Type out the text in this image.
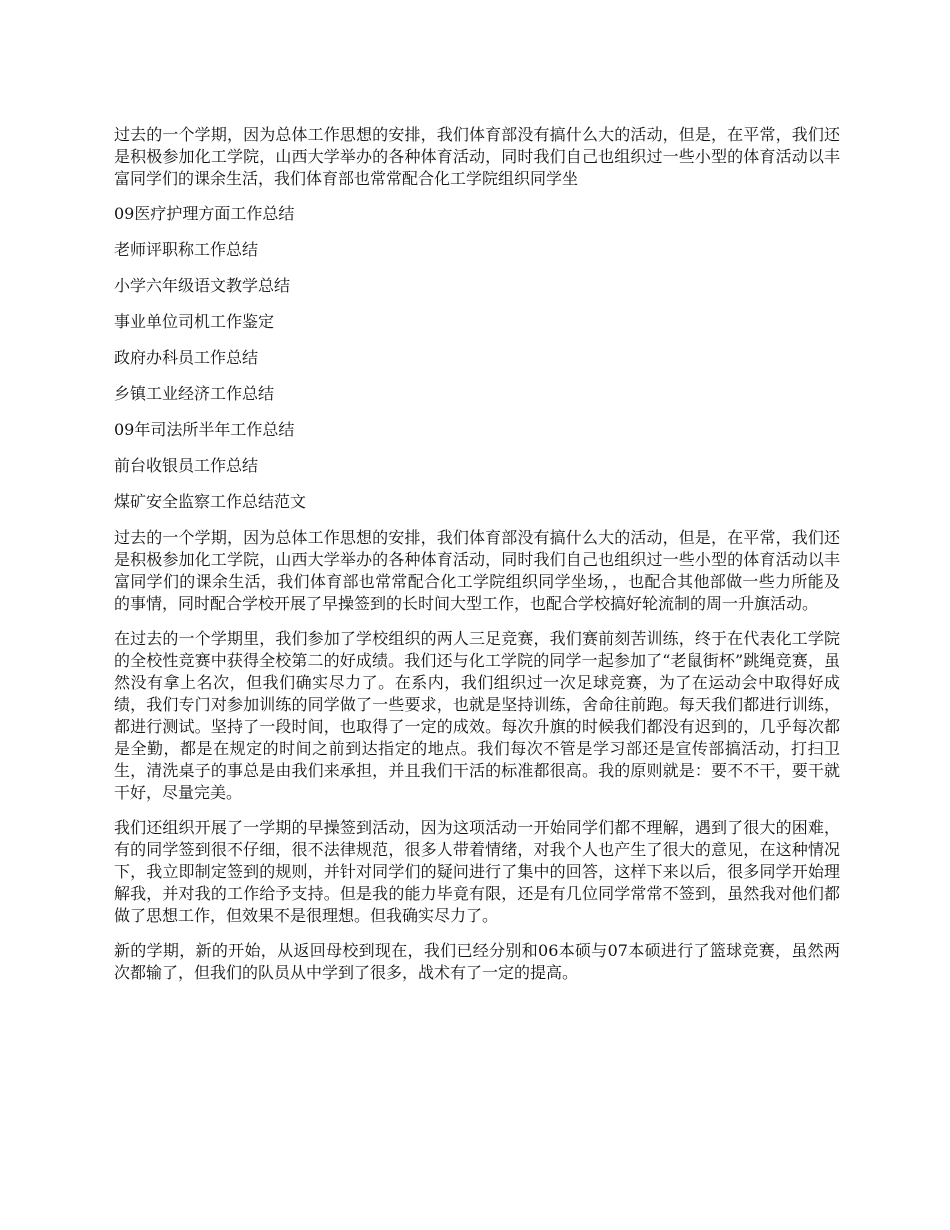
过去的一个学期，因为总体工作思想的安排，我们体育部没有搞什么大的活动，但是，在平常，我们还是积极参加化工学院，山西大学举办的各种体育活动，同时我们自己也组织过一些小型的体育活动以丰富同学们的课余生活，我们体育部也常常配合化工学院组织同学坐

09医疗护理方面工作总结
老师评职称工作总结
小学六年级语文教学总结
事业单位司机工作鉴定
政府办科员工作总结
乡镇工业经济工作总结
09年司法所半年工作总结
前台收银员工作总结
煤矿安全监察工作总结范文

过去的一个学期，因为总体工作思想的安排，我们体育部没有搞什么大的活动，但是，在平常，我们还是积极参加化工学院，山西大学举办的各种体育活动，同时我们自己也组织过一些小型的体育活动以丰富同学们的课余生活，我们体育部也常常配合化工学院组织同学坐场，，也配合其他部做一些力所能及的事情，同时配合学校开展了早操签到的长时间大型工作，也配合学校搞好轮流制的周一升旗活动。

在过去的一个学期里，我们参加了学校组织的两人三足竞赛，我们赛前刻苦训练，终于在代表化工学院的全校性竞赛中获得全校第二的好成绩。我们还与化工学院的同学一起参加了“老鼠街杯”跳绳竞赛，虽然没有拿上名次，但我们确实尽力了。在系内，我们组织过一次足球竞赛，为了在运动会中取得好成绩，我们专门对参加训练的同学做了一些要求，也就是坚持训练，舍命往前跑。每天我们都进行训练，都进行测试。坚持了一段时间，也取得了一定的成效。每次升旗的时候我们都没有迟到的，几乎每次都是全勤，都是在规定的时间之前到达指定的地点。我们每次不管是学习部还是宣传部搞活动，打扫卫生，清洗桌子的事总是由我们来承担，并且我们干活的标准都很高。我的原则就是：要不不干，要干就干好，尽量完美。

我们还组织开展了一学期的早操签到活动，因为这项活动一开始同学们都不理解，遇到了很大的困难，有的同学签到很不仔细，很不法律规范，很多人带着情绪，对我个人也产生了很大的意见，在这种情况下，我立即制定签到的规则，并针对同学们的疑问进行了集中的回答，这样下来以后，很多同学开始理解我，并对我的工作给予支持。但是我的能力毕竟有限，还是有几位同学常常不签到，虽然我对他们都做了思想工作，但效果不是很理想。但我确实尽力了。

新的学期，新的开始，从返回母校到现在，我们已经分别和06本硕与07本硕进行了篮球竞赛，虽然两次都输了，但我们的队员从中学到了很多，战术有了一定的提高。
